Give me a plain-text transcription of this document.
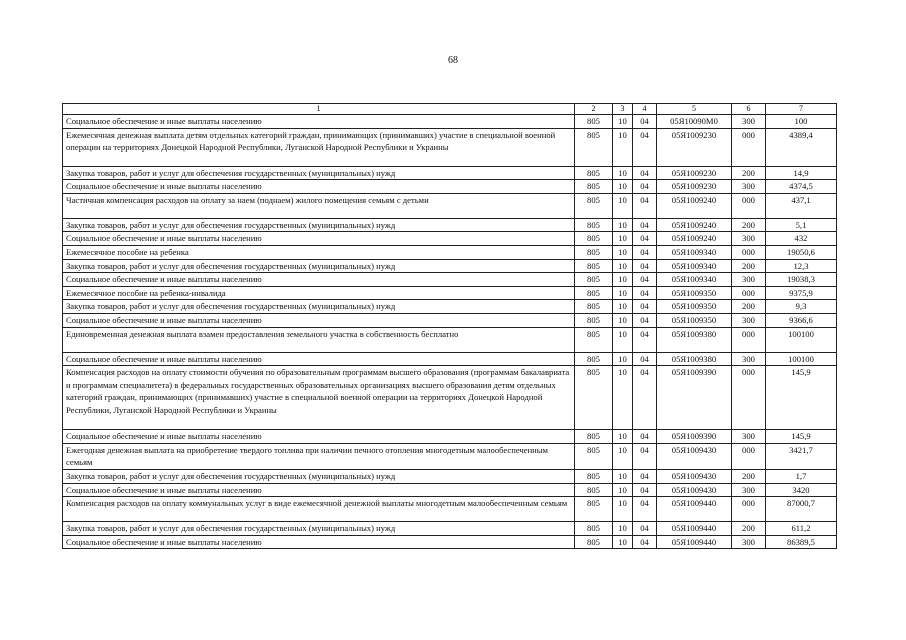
68
1	2	3	4	5	6	7
Социальное обеспечение и иные выплаты населению	805	10	04	05Я10090М0	300	100
Ежемесячная денежная выплата детям отдельных категорий граждан, принимающих (принимавших) участие в специальной военной операции на территориях Донецкой Народной Республики, Луганской Народной Республики и Украины	805	10	04	05Я1009230	000	4389,4
Закупка товаров, работ и услуг для обеспечения государственных (муниципальных) нужд	805	10	04	05Я1009230	200	14,9
Социальное обеспечение и иные выплаты населению	805	10	04	05Я1009230	300	4374,5
Частичная компенсация расходов на оплату за наем (поднаем) жилого помещения семьям с детьми	805	10	04	05Я1009240	000	437,1
Закупка товаров, работ и услуг для обеспечения государственных (муниципальных) нужд	805	10	04	05Я1009240	200	5,1
Социальное обеспечение и иные выплаты населению	805	10	04	05Я1009240	300	432
Ежемесячное пособие на ребенка	805	10	04	05Я1009340	000	19050,6
Закупка товаров, работ и услуг для обеспечения государственных (муниципальных) нужд	805	10	04	05Я1009340	200	12,3
Социальное обеспечение и иные выплаты населению	805	10	04	05Я1009340	300	19038,3
Ежемесячное пособие на ребенка-инвалида	805	10	04	05Я1009350	000	9375,9
Закупка товаров, работ и услуг для обеспечения государственных (муниципальных) нужд	805	10	04	05Я1009350	200	9,3
Социальное обеспечение и иные выплаты населению	805	10	04	05Я1009350	300	9366,6
Единовременная денежная выплата взамен предоставления земельного участка в собственность бесплатно	805	10	04	05Я1009380	000	100100
Социальное обеспечение и иные выплаты населению	805	10	04	05Я1009380	300	100100
Компенсация расходов на оплату стоимости обучения по образовательным программам высшего образования (программам бакалавриата и программам специалитета) в федеральных государственных образовательных организациях высшего образования детям отдельных категорий граждан, принимающих (принимавших) участие в специальной военной операции на территориях Донецкой Народной Республики, Луганской Народной Республики и Украины	805	10	04	05Я1009390	000	145,9
Социальное обеспечение и иные выплаты населению	805	10	04	05Я1009390	300	145,9
Ежегодная денежная выплата на приобретение твердого топлива при наличии печного отопления многодетным малообеспеченным семьям	805	10	04	05Я1009430	000	3421,7
Закупка товаров, работ и услуг для обеспечения государственных (муниципальных) нужд	805	10	04	05Я1009430	200	1,7
Социальное обеспечение и иные выплаты населению	805	10	04	05Я1009430	300	3420
Компенсация расходов на оплату коммунальных услуг в виде ежемесячной денежной выплаты многодетным малообеспеченным семьям	805	10	04	05Я1009440	000	87000,7
Закупка товаров, работ и услуг для обеспечения государственных (муниципальных) нужд	805	10	04	05Я1009440	200	611,2
Социальное обеспечение и иные выплаты населению	805	10	04	05Я1009440	300	86389,5
